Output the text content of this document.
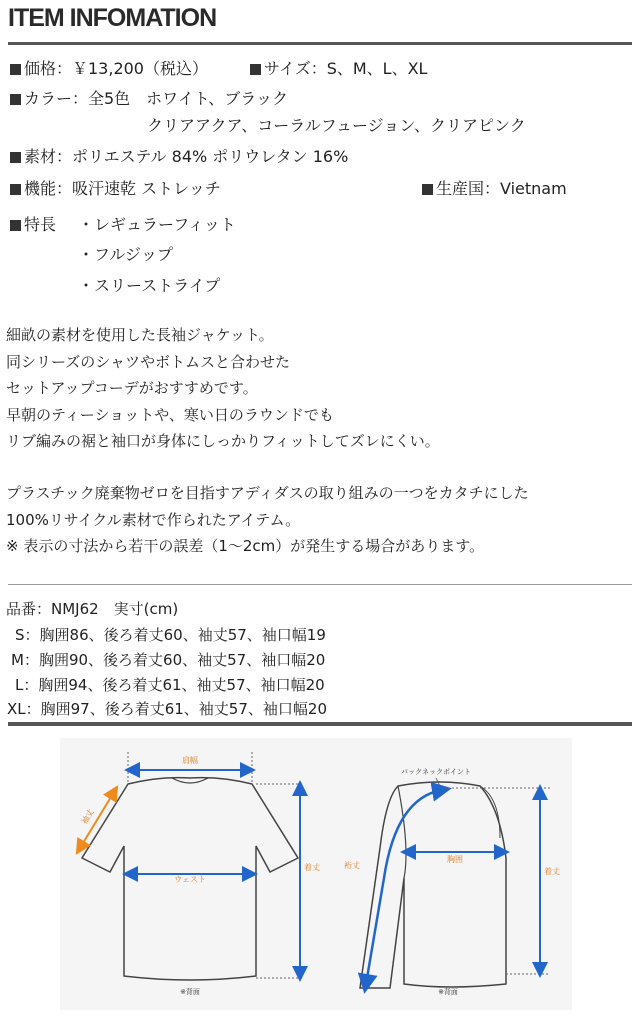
ITEM INFOMATION
価格：￥13,200（税込）	サイズ：S、M、L、XL
カラー：全5色　ホワイト、ブラック
クリアアクア、コーラルフュージョン、クリアピンク
素材：ポリエステル 84% ポリウレタン 16%
機能：吸汗速乾 ストレッチ	生産国：Vietnam
特長 ・レギュラーフィット
・フルジップ
・スリーストライプ
細畝の素材を使用した長袖ジャケット。
同シリーズのシャツやボトムスと合わせた
セットアップコーデがおすすめです。
早朝のティーショットや、寒い日のラウンドでも
リブ編みの裾と袖口が身体にしっかりフィットしてズレにくい。
プラスチック廃棄物ゼロを目指すアディダスの取り組みの一つをカタチにした
100%リサイクル素材で作られたアイテム。
※ 表示の寸法から若干の誤差（1〜2cm）が発生する場合があります。
品番：NMJ62　実寸(cm)
S：胸囲86、後ろ着丈60、袖丈57、袖口幅19
M：胸囲90、後ろ着丈60、袖丈57、袖口幅20
L：胸囲94、後ろ着丈61、袖丈57、袖口幅20
XL：胸囲97、後ろ着丈61、袖丈57、袖口幅20
肩幅
袖丈
ウェスト
着丈
※背面
バックネックポイント
裄丈
胸囲
着丈
※背面
